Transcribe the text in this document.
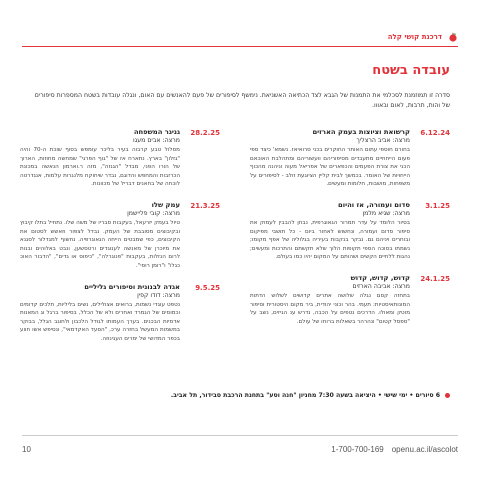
דרכנת קושי קלה
עובדה בשטח

סדרה זו תמוזמנת לסכלמי את התמנות של הגבא לצד הכתיאה האשניאת. נימשף לסיפורים של פעם להאנשים עם האום, ונגלה עובדות בשטח המספרות סיפורים של והות, תרבות, לאום ובאווו.

6.12.24

קרשואת וציוצות בעמק הארזים

מרצה: אביב הרצליך

בחורם חוספי עתום האותר החוקרים בכני סרואיאז. נשמא' כיצד ספי פעום הייחוזיים מתעבדים מסיפוריהם וועשוריהם ומתהלבת האוכאם הכני את צורת הפעמים והכפארים של אפריאל מעוה וניהנה מהכוף הייחויות של האומר. בכמשך לבית קליין הציוגעת זולב - לסיפורים על משפחות, מושבות, חלומות ומעשים.

3.1.25

סדום ועמורה, אז והיום

מרצה: שגיא מלמן

בסיור הלומד על עדר תמרור הגאוגרפית, נבחן להבבין לעמוק את סיפור סדום ועמורה, ונחשוש לאחור ביום - כל תושבי מפיקום ובוחרים ויניהם גם. נבקר בנקבות בעיריה בגלוליה של אפף מקומו; נשמתו בסוכה הספי תקופות הלוך שלא תקשתם והתרכות ומעשים; נהגות ללחיים הקשים ושהותם על המקום יהיו כמו בעולם.

24.1.25

קדוש, קדוש, קדוש

מרצה: אביבה הארזים

בתחזה קסם נגלה שלושה אתרים קדושים לשלוש הדתות המונותאיסטיות: תעמי. בהר וכוני יהודית, ביר מקום היסטורית וסיפור מוטק ומאולו. הדרכים נטפים על הכבה, נדרש ענ הגיזים, נשב על "ספסל קטום" ונהרהר בשאלות ברוחו של עולם.

28.2.25

גניגר המשפחה

מרצה: אבים מעגו

מסלול טבע קרבוה בעיר בליכר עומפש בסוף שוכת ה-70 והיה "גזלון" בארץ. נתארח אז של "גוף הפרגי" שמחשה מחוזות, הארוך של הורו הפני, מבדל "הגנזה", מזה ר.וארמון הנאשה במכונת הכרזבות והמחפש והדוגם, נבדר שיחוקח מלנגרות עלמות, אנגדרטה לוכחה של בחאנים דבריל של מכוונות.

21.3.25

עמק שלו

מרצה: קובי פליישמן

טיול בעמק יזרעאל, בעקבות סבריו של משה שלו. נתחיל בתלו קיבוץ ובקיבוצים מסובבת של העמק. נבדל לצפור וזאשש לסטום את הקיבוצים, כפי שמבטים הייחה הגאוגרפיה. נחשוף למגדלור לסגנא את מיוכרן של מאנשה לענוגדים ורטסשען, ונבט באלוהים ובנות לרום הנזלות, בעקבות "פנוגרלה", "כיפוס או גדים", "הדבור האוכ כגלו" ו"רומן רוסי".

9.5.25

אגדה לבנונית וסיפורים גליליים

מרצה: דודו קפין

נטפט עוגדי נשמות, ברואים אצולילים, נשים בליליות, תלכים קדומים וכמוסים של הגמרד ואחרים ולא של הכלל, בסיפור ברגל וג המאנות אדמיות הבכנים. בערך העמותו לגודל הלכבון ולחוגב הגלל, בבוקר במשמות המעשל בחזרה ערכ, "הסעד האקדמאי", ונסיפש אשו חווע בכפר המדושי של ימרים העגינוזה.

6 סיורים • ימי שישי • היציאה בשעה 7:30 מחניון "חנה וסע" בתחנת הרכבת סבידור, תל אביב.
10	1-700-700-169 openu.ac.il/ascolot
